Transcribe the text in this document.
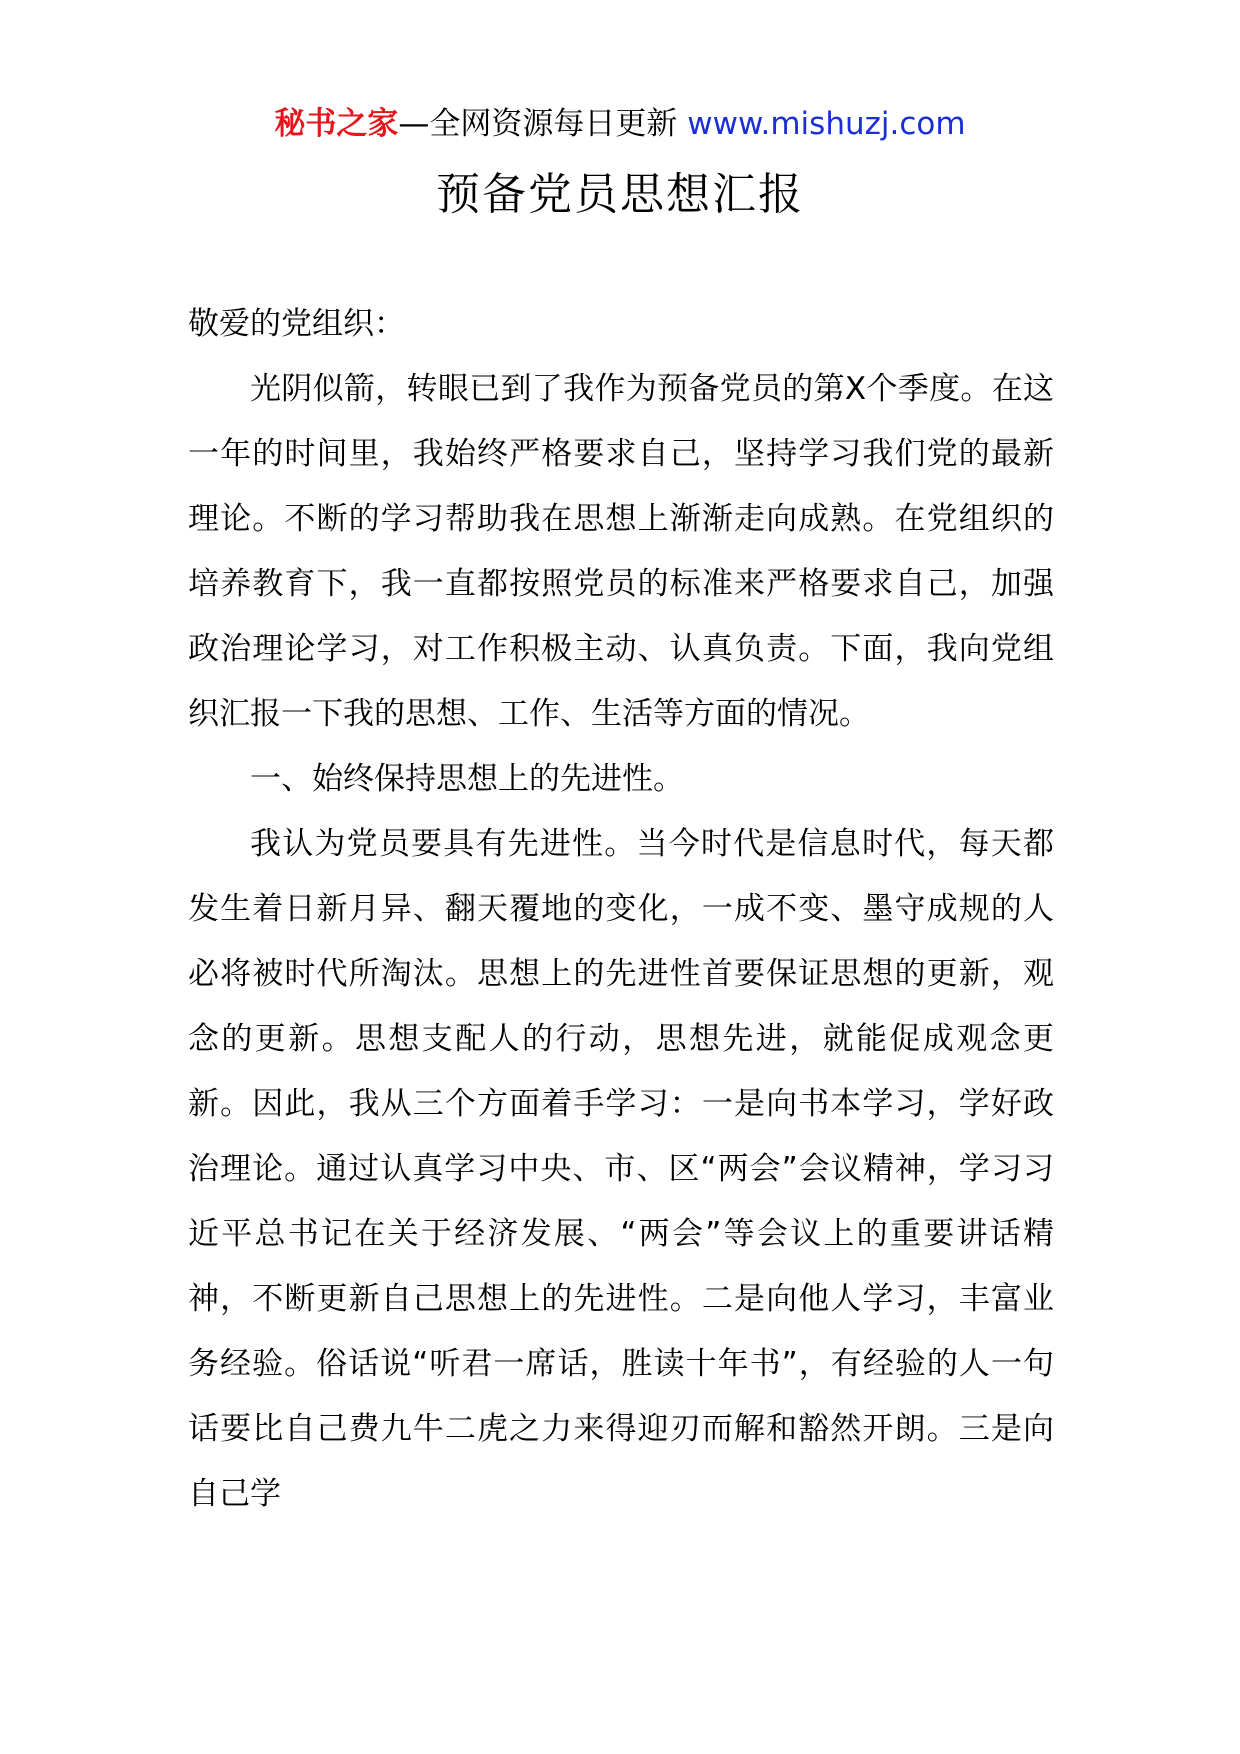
秘书之家—全网资源每日更新 www.mishuzj.com
预备党员思想汇报

敬爱的党组织：

光阴似箭，转眼已到了我作为预备党员的第X个季度。在这一年的时间里，我始终严格要求自己，坚持学习我们党的最新理论。不断的学习帮助我在思想上渐渐走向成熟。在党组织的培养教育下，我一直都按照党员的标准来严格要求自己，加强政治理论学习，对工作积极主动、认真负责。下面，我向党组织汇报一下我的思想、工作、生活等方面的情况。

一、始终保持思想上的先进性。

我认为党员要具有先进性。当今时代是信息时代，每天都发生着日新月异、翻天覆地的变化，一成不变、墨守成规的人必将被时代所淘汰。思想上的先进性首要保证思想的更新，观念的更新。思想支配人的行动，思想先进，就能促成观念更新。因此，我从三个方面着手学习：一是向书本学习，学好政治理论。通过认真学习中央、市、区“两会”会议精神，学习习近平总书记在关于经济发展、“两会”等会议上的重要讲话精神，不断更新自己思想上的先进性。二是向他人学习，丰富业务经验。俗话说“听君一席话，胜读十年书”，有经验的人一句话要比自己费九牛二虎之力来得迎刃而解和豁然开朗。三是向自己学
